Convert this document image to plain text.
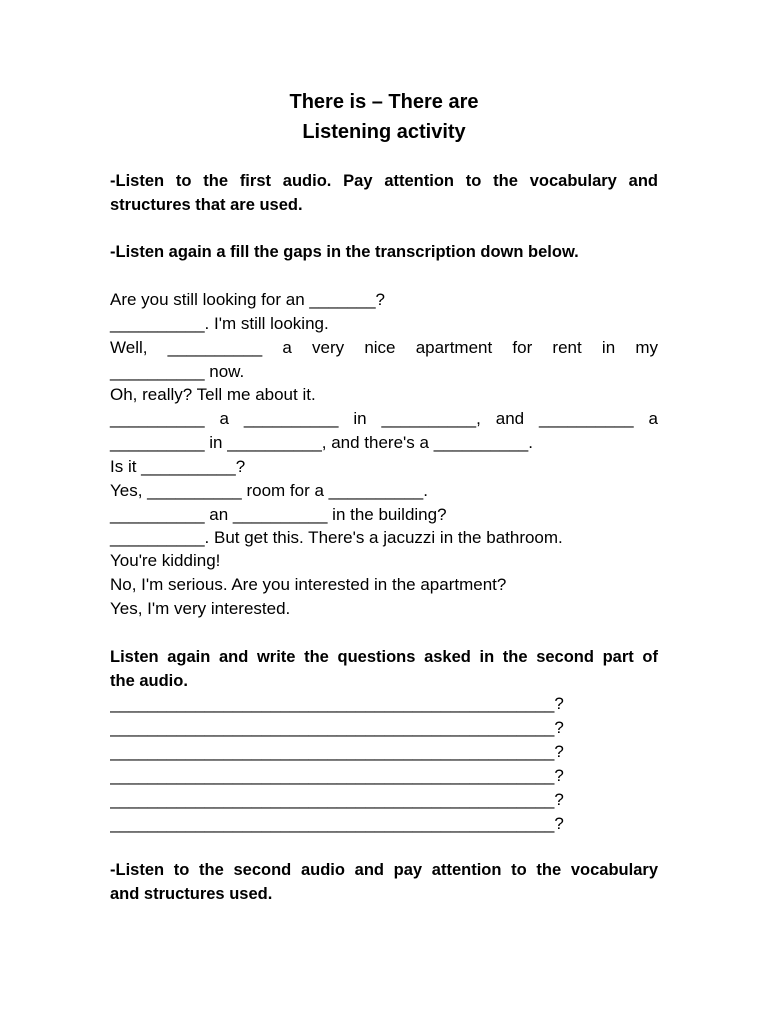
There is – There are
Listening activity
-Listen to the first audio. Pay attention to the vocabulary and
structures that are used.
-Listen again a fill the gaps in the transcription down below.
Are you still looking for an _______?
__________. I'm still looking.
Well, __________ a very nice apartment for rent in my
__________ now.
Oh, really? Tell me about it.
__________ a __________ in __________, and __________ a
__________ in __________, and there's a __________.
Is it __________?
Yes, __________ room for a __________.
__________ an __________ in the building?
__________. But get this. There's a jacuzzi in the bathroom.
You're kidding!
No, I'm serious. Are you interested in the apartment?
Yes, I'm very interested.
Listen again and write the questions asked in the second part of
the audio.
_______________________________________________?
_______________________________________________?
_______________________________________________?
_______________________________________________?
_______________________________________________?
_______________________________________________?
-Listen to the second audio and pay attention to the vocabulary
and structures used.
